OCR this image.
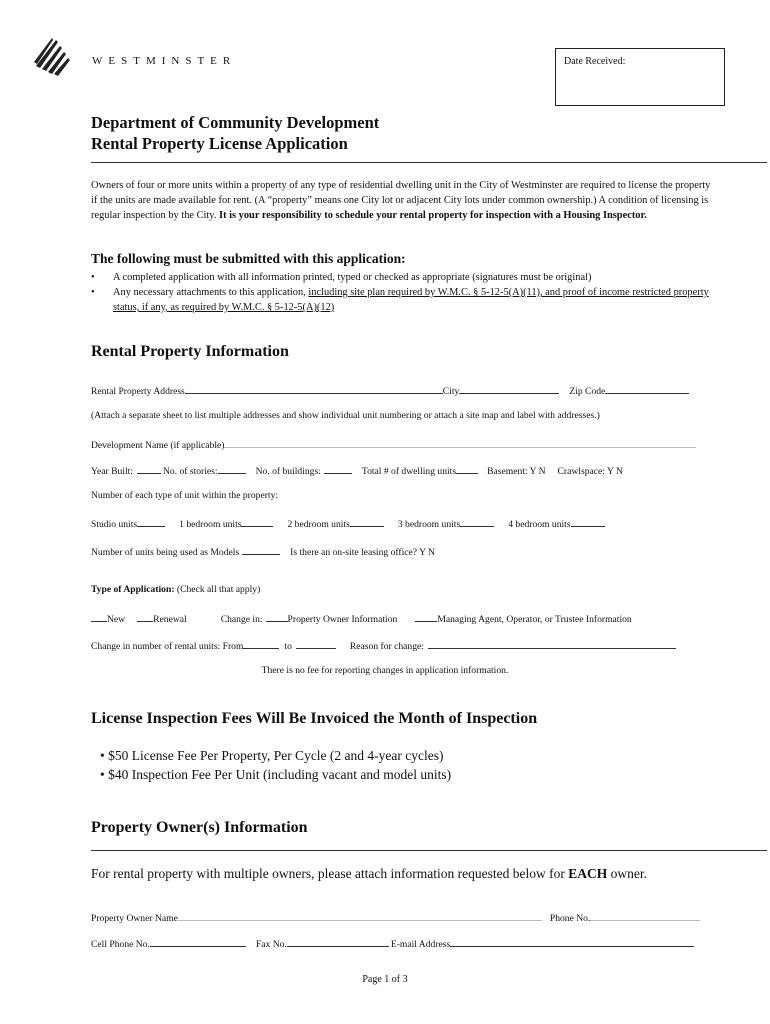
WESTMINSTER	Date Received:
Department of Community Development
Rental Property License Application
Owners of four or more units within a property of any type of residential dwelling unit in the City of Westminster are required to license the property if the units are made available for rent. (A “property” means one City lot or adjacent City lots under common ownership.) A condition of licensing is regular inspection by the City. It is your responsibility to schedule your rental property for inspection with a Housing Inspector.
The following must be submitted with this application:
• A completed application with all information printed, typed or checked as appropriate (signatures must be original)
• Any necessary attachments to this application, including site plan required by W.M.C. § 5-12-5(A)(11), and proof of income restricted property status, if any, as required by W.M.C. § 5-12-5(A)(12)
Rental Property Information
Rental Property Address	City	Zip Code
(Attach a separate sheet to list multiple addresses and show individual unit numbering or attach a site map and label with addresses.)
Development Name (if applicable)
Year Built:	No. of stories:	No. of buildings:	Total # of dwelling units	Basement: Y N Crawlspace: Y N
Number of each type of unit within the property:
Studio units	1 bedroom units	2 bedroom units	3 bedroom units	4 bedroom units
Number of units being used as Models	Is there an on-site leasing office? Y N
Type of Application: (Check all that apply)
New	Renewal	Change in:	Property Owner Information	Managing Agent, Operator, or Trustee Information
Change in number of rental units: From	to	Reason for change:
There is no fee for reporting changes in application information.
License Inspection Fees Will Be Invoiced the Month of Inspection
• $50 License Fee Per Property, Per Cycle (2 and 4-year cycles)
• $40 Inspection Fee Per Unit (including vacant and model units)
Property Owner(s) Information
For rental property with multiple owners, please attach information requested below for EACH owner.
Property Owner Name	Phone No.
Cell Phone No.	Fax No.	E-mail Address
Page 1 of 3
